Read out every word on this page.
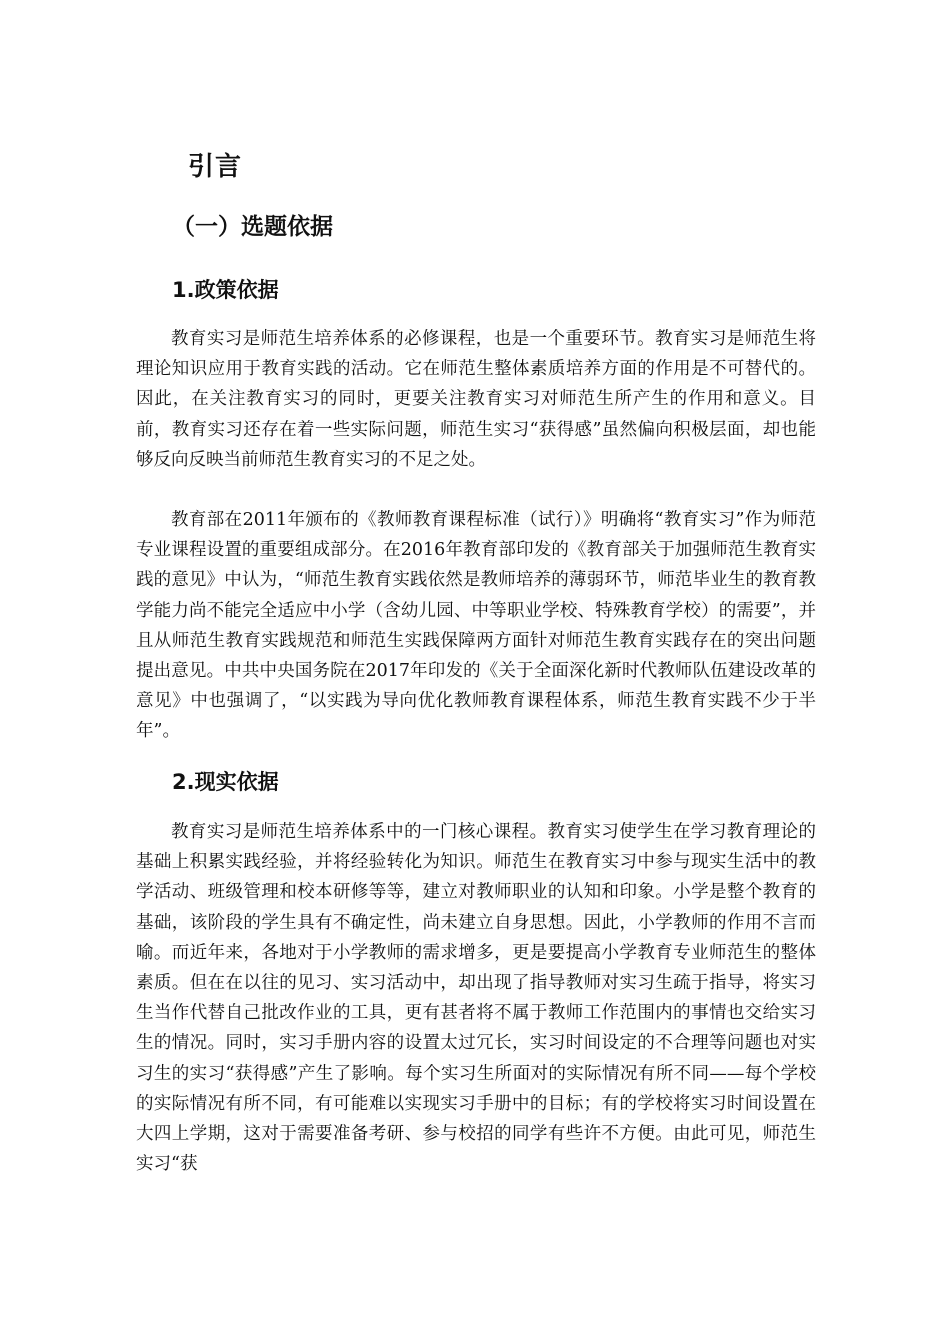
引言
（一）选题依据
1.政策依据

教育实习是师范生培养体系的必修课程，也是一个重要环节。教育实习是师范生将理论知识应用于教育实践的活动。它在师范生整体素质培养方面的作用是不可替代的。因此，在关注教育实习的同时，更要关注教育实习对师范生所产生的作用和意义。目前，教育实习还存在着一些实际问题，师范生实习“获得感”虽然偏向积极层面，却也能够反向反映当前师范生教育实习的不足之处。

教育部在2011年颁布的《教师教育课程标准（试行）》明确将“教育实习”作为师范专业课程设置的重要组成部分。在2016年教育部印发的《教育部关于加强师范生教育实践的意见》中认为，“师范生教育实践依然是教师培养的薄弱环节，师范毕业生的教育教学能力尚不能完全适应中小学（含幼儿园、中等职业学校、特殊教育学校）的需要”，并且从师范生教育实践规范和师范生实践保障两方面针对师范生教育实践存在的突出问题提出意见。中共中央国务院在2017年印发的《关于全面深化新时代教师队伍建设改革的意见》中也强调了，“以实践为导向优化教师教育课程体系，师范生教育实践不少于半年”。

2.现实依据

教育实习是师范生培养体系中的一门核心课程。教育实习使学生在学习教育理论的基础上积累实践经验，并将经验转化为知识。师范生在教育实习中参与现实生活中的教学活动、班级管理和校本研修等等，建立对教师职业的认知和印象。小学是整个教育的基础，该阶段的学生具有不确定性，尚未建立自身思想。因此，小学教师的作用不言而喻。而近年来，各地对于小学教师的需求增多，更是要提高小学教育专业师范生的整体素质。但在在以往的见习、实习活动中，却出现了指导教师对实习生疏于指导，将实习生当作代替自己批改作业的工具，更有甚者将不属于教师工作范围内的事情也交给实习生的情况。同时，实习手册内容的设置太过冗长，实习时间设定的不合理等问题也对实习生的实习“获得感”产生了影响。每个实习生所面对的实际情况有所不同——每个学校的实际情况有所不同，有可能难以实现实习手册中的目标；有的学校将实习时间设置在大四上学期，这对于需要准备考研、参与校招的同学有些许不方便。由此可见，师范生实习“获
